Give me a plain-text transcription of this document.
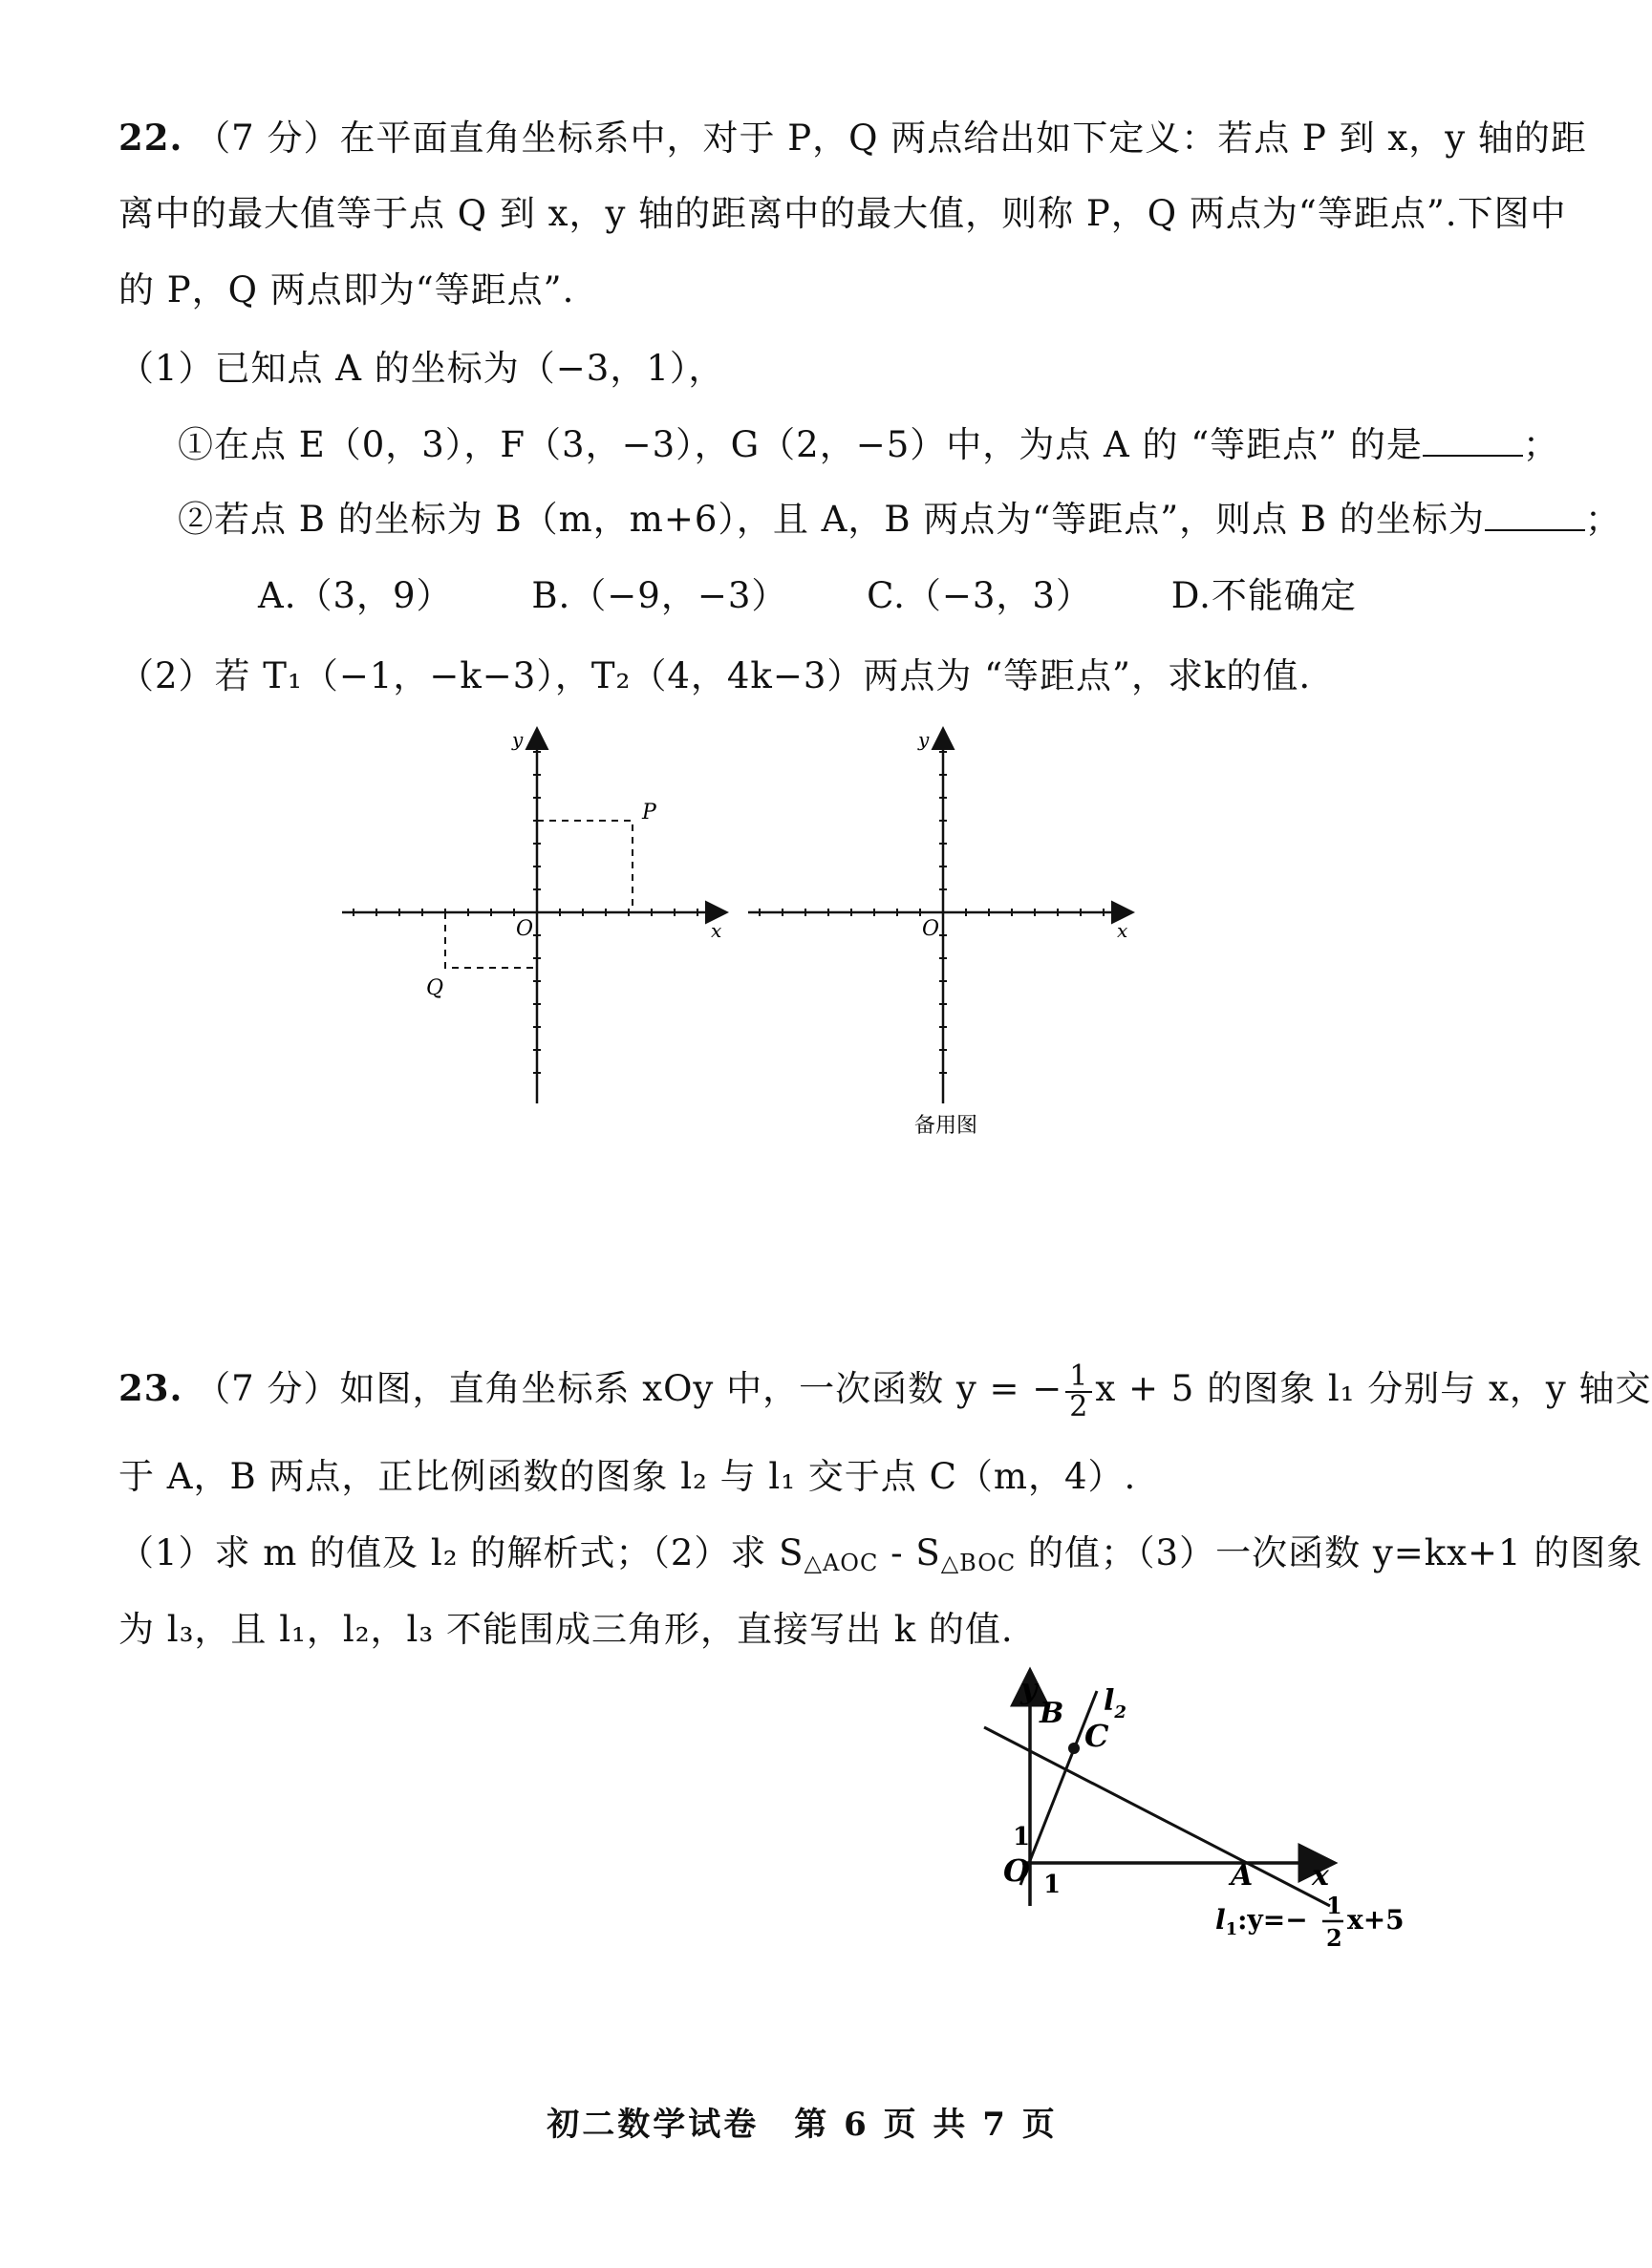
22. （7 分）在平面直角坐标系中，对于 P，Q 两点给出如下定义：若点 P 到 x，y 轴的距
离中的最大值等于点 Q 到 x，y 轴的距离中的最大值，则称 P，Q 两点为“等距点”.下图中
的 P，Q 两点即为“等距点”.
（1）已知点 A 的坐标为（−3，1），
①在点 E（0，3），F（3，−3），G（2，−5）中，为点 A 的 “等距点” 的是	；
②若点 B 的坐标为 B（m，m+6），且 A，B 两点为“等距点”，则点 B 的坐标为	；
A.（3，9） B.（−9，−3） C.（−3，3） D.不能确定
（2）若 T₁（−1，−k−3），T₂（4，4k−3）两点为 “等距点”，求k的值.
P
Q
O	x
y
O	x
y
备用图
23. （7 分）如图，直角坐标系 xOy 中，一次函数 y = − $\frac{1}{2}$ x + 5 的图象 l₁ 分别与 x，y 轴交
于 A，B 两点，正比例函数的图象 l₂ 与 l₁ 交于点 C（m，4）.
（1）求 m 的值及 l₂ 的解析式；（2）求 $S_{\triangle AOC} - S_{\triangle BOC}$ 的值；（3）一次函数 y=kx+1 的图象
为 l₃，且 l₁，l₂，l₃ 不能围成三角形，直接写出 k 的值.
y
x
B
C
$l_2$
O
1
1	A
$l_1:y=- 1$
2
x+5
初二数学试卷　第 6 页 共 7 页
